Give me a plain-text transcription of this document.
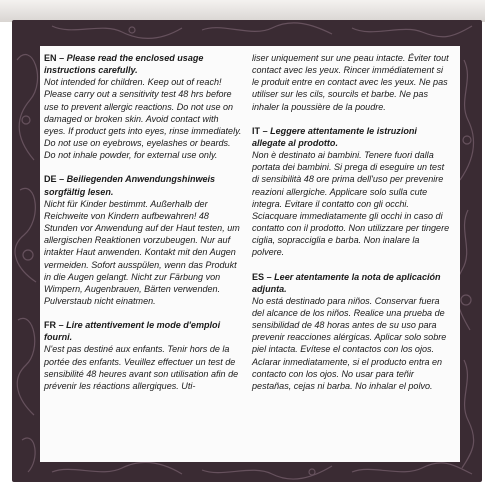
EN – Please read the enclosed usage instructions carefully.

Not intended for children. Keep out of reach! Please carry out a sensitivity test 48 hrs before use to prevent allergic reactions. Do not use on damaged or broken skin. Avoid contact with eyes. If product gets into eyes, rinse immediately. Do not use on eyebrows, eyelashes or beards. Do not inhale powder, for external use only.

DE – Beiliegenden Anwendungshinweis sorgfältig lesen.

Nicht für Kinder bestimmt. Außerhalb der Reichweite von Kindern aufbewahren! 48 Stunden vor Anwendung auf der Haut testen, um allergischen Reaktionen vorzubeugen. Nur auf intakter Haut anwenden. Kontakt mit den Augen vermeiden. Sofort ausspülen, wenn das Produkt in die Augen gelangt. Nicht zur Färbung von Wimpern, Augenbrauen, Bärten verwenden. Pulverstaub nicht einatmen.

FR – Lire attentivement le mode d'emploi fourni.

N'est pas destiné aux enfants. Tenir hors de la portée des enfants. Veuillez effectuer un test de sensibilité 48 heures avant son utilisation afin de prévenir les réactions allergiques. Uti-

liser uniquement sur une peau intacte. Éviter tout contact avec les yeux. Rincer immédiatement si le produit entre en contact avec les yeux. Ne pas utiliser sur les cils, sourcils et barbe. Ne pas inhaler la poussière de la poudre.

IT – Leggere attentamente le istruzioni allegate al prodotto.

Non è destinato ai bambini. Tenere fuori dalla portata dei bambini. Si prega di eseguire un test di sensibilità 48 ore prima dell'uso per prevenire reazioni allergiche. Applicare solo sulla cute integra. Evitare il contatto con gli occhi. Sciacquare immediatamente gli occhi in caso di contatto con il prodotto. Non utilizzare per tingere ciglia, sopracciglia e barba. Non inalare la polvere.

ES – Leer atentamente la nota de aplicación adjunta.

No está destinado para niños. Conservar fuera del alcance de los niños. Realice una prueba de sensibilidad de 48 horas antes de su uso para prevenir reacciones alérgicas. Aplicar solo sobre piel intacta. Evítese el contactos con los ojos. Aclarar inmediatamente, si el producto entra en contacto con los ojos. No usar para teñir pestañas, cejas ni barba. No inhalar el polvo.
